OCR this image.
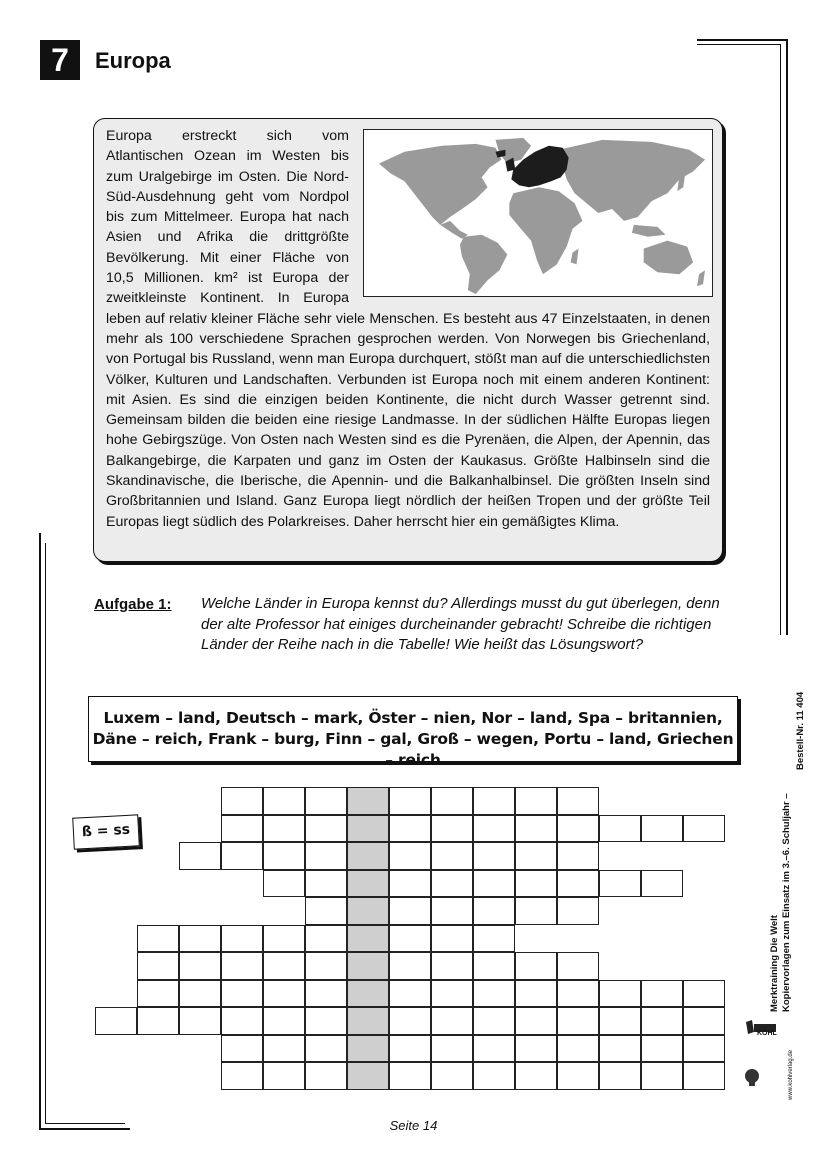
7	Europa

Europa erstreckt sich vom Atlantischen Ozean im Westen bis zum Uralgebirge im Osten. Die Nord-Süd-Ausdehnung geht vom Nordpol bis zum Mittelmeer. Europa hat nach Asien und Afrika die drittgrößte Bevölkerung. Mit einer Fläche von 10,5 Millionen. km² ist Europa der zweitkleinste Kontinent. In Europa leben auf relativ kleiner Fläche sehr viele Menschen. Es besteht aus 47 Einzelstaaten, in denen mehr als 100 verschiedene Sprachen gesprochen werden. Von Norwegen bis Griechenland, von Portugal bis Russland, wenn man Europa durchquert, stößt man auf die unterschiedlichsten Völker, Kulturen und Landschaften. Verbunden ist Europa noch mit einem anderen Kontinent: mit Asien. Es sind die einzigen beiden Kontinente, die nicht durch Wasser getrennt sind. Gemeinsam bilden die beiden eine riesige Landmasse. In der südlichen Hälfte Europas liegen hohe Gebirgszüge. Von Osten nach Westen sind es die Pyrenäen, die Alpen, der Apennin, das Balkangebirge, die Karpaten und ganz im Osten der Kaukasus. Größte Halbinseln sind die Skandinavische, die Iberische, die Apennin- und die Balkanhalbinsel. Die größten Inseln sind Großbritannien und Island. Ganz Europa liegt nördlich der heißen Tropen und der größte Teil Europas liegt südlich des Polarkreises. Daher herrscht hier ein gemäßigtes Klima.

Aufgabe 1: Welche Länder in Europa kennst du? Allerdings musst du gut überlegen, denn der alte Professor hat einiges durcheinander gebracht! Schreibe die richtigen Länder der Reihe nach in die Tabelle! Wie heißt das Lösungswort?
Luxem – land, Deutsch – mark, Öster – nien, Nor – land, Spa – britannien,
Däne – reich, Frank – burg, Finn – gal, Groß – wegen, Portu – land, Griechen – reich
ß = ss
Bestell-Nr. 11 404
Merktraining Die Welt Kopiervorlagen zum Einsatz im 3.–6. Schuljahr –
KOHL
www.kohlverlag.de
Seite 14
